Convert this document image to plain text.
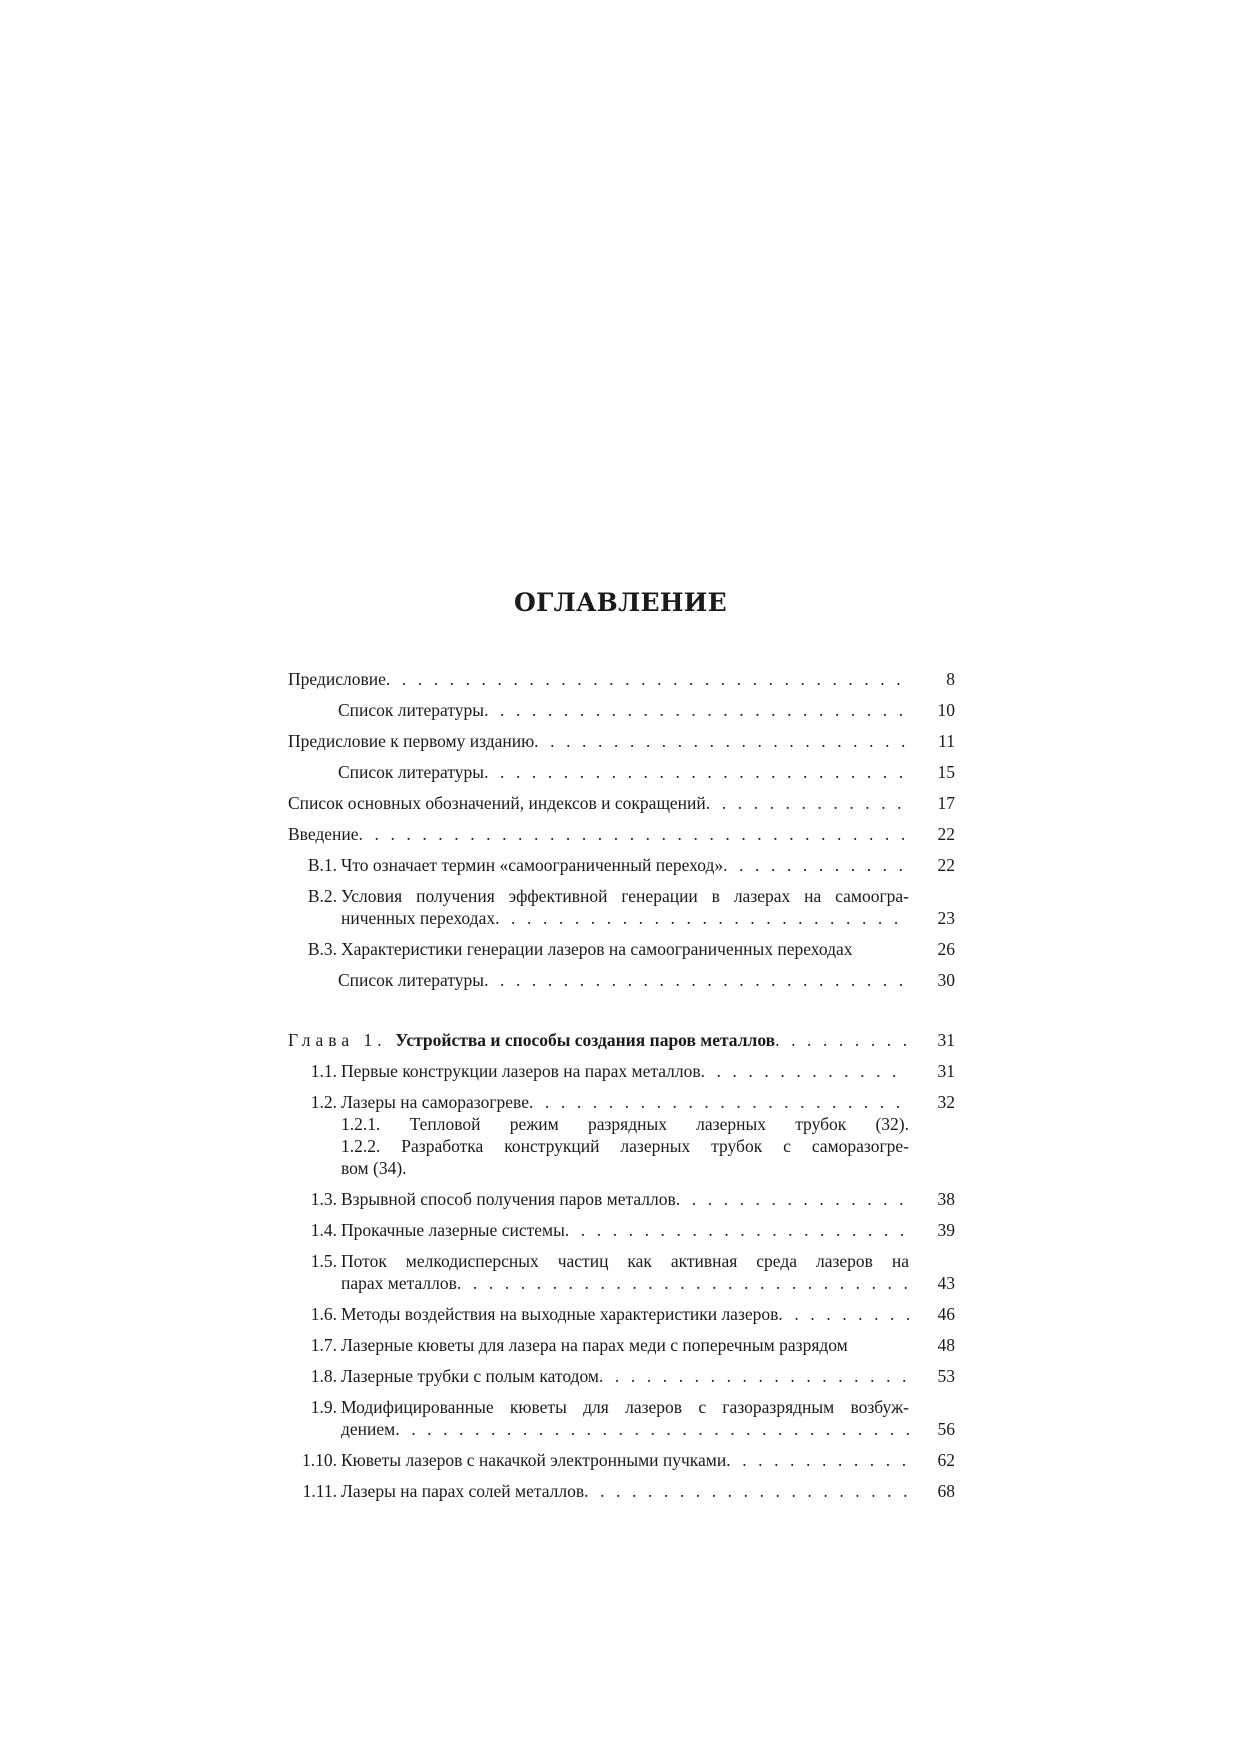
ОГЛАВЛЕНИЕ
Предисловие . . .	8
Список литературы . . .	10
Предисловие к первому изданию . . .	11
Список литературы . . .	15
Список основных обозначений, индексов и сокращений . . .	17
Введение . . .	22
В.1. Что означает термин «самоограниченный переход» . . .	22
В.2. Условия получения эффективной генерации в лазерах на самоогра-
ниченных переходах . . .	23
В.3. Характеристики генерации лазеров на самоограниченных переходах	26
Список литературы . . .	30
Глава 1.
Устройства и способы создания паров металлов . . .	31
1.1. Первые конструкции лазеров на парах металлов . . .	31
1.2. Лазеры на саморазогреве . . .	32
1.2.1. Тепловой режим разрядных лазерных трубок (32).
1.2.2. Разработка конструкций лазерных трубок с саморазогре-
вом (34).
1.3. Взрывной способ получения паров металлов . . .	38
1.4. Прокачные лазерные системы . . .	39
1.5. Поток мелкодисперсных частиц как активная среда лазеров на
парах металлов . . .	43
1.6. Методы воздействия на выходные характеристики лазеров . . .	46
1.7. Лазерные кюветы для лазера на парах меди с поперечным разрядом	48
1.8. Лазерные трубки с полым катодом . . .	53
1.9. Модифицированные кюветы для лазеров с газоразрядным возбуж-
дением . . .	56
1.10. Кюветы лазеров с накачкой электронными пучками . . .	62
1.11. Лазеры на парах солей металлов . . .	68
